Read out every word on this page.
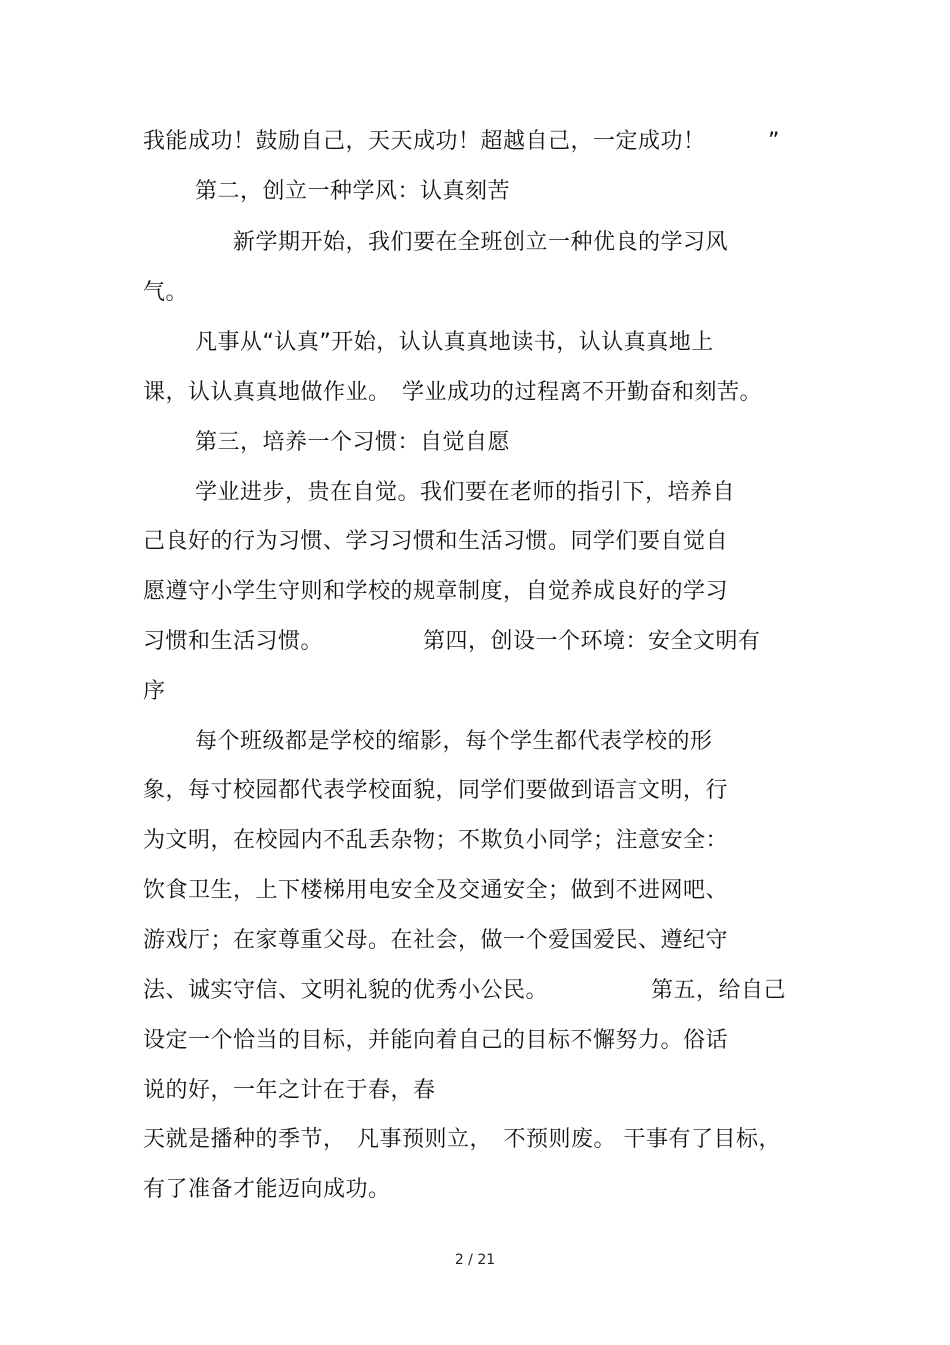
我能成功！鼓励自己，天天成功！超越自己，一定成功！	”
第二，创立一种学风：认真刻苦
新学期开始，我们要在全班创立一种优良的学习风
气。
凡事从“认真”开始，认认真真地读书，认认真真地上
课，认认真真地做作业。　学业成功的过程离不开勤奋和刻苦。
第三，培养一个习惯：自觉自愿
学业进步，贵在自觉。我们要在老师的指引下，培养自
己良好的行为习惯、学习习惯和生活习惯。同学们要自觉自
愿遵守小学生守则和学校的规章制度，自觉养成良好的学习
习惯和生活习惯。	第四，创设一个环境：安全文明有
序
每个班级都是学校的缩影，每个学生都代表学校的形
象，每寸校园都代表学校面貌，同学们要做到语言文明，行
为文明，在校园内不乱丢杂物；不欺负小同学；注意安全：
饮食卫生，上下楼梯用电安全及交通安全；做到不进网吧、
游戏厅；在家尊重父母。在社会，做一个爱国爱民、遵纪守
法、诚实守信、文明礼貌的优秀小公民。	第五，给自己
设定一个恰当的目标，并能向着自己的目标不懈努力。俗话
说的好，一年之计在于春，春
天就是播种的季节，　凡事预则立，　不预则废。 干事有了目标，
有了准备才能迈向成功。
2 / 21
